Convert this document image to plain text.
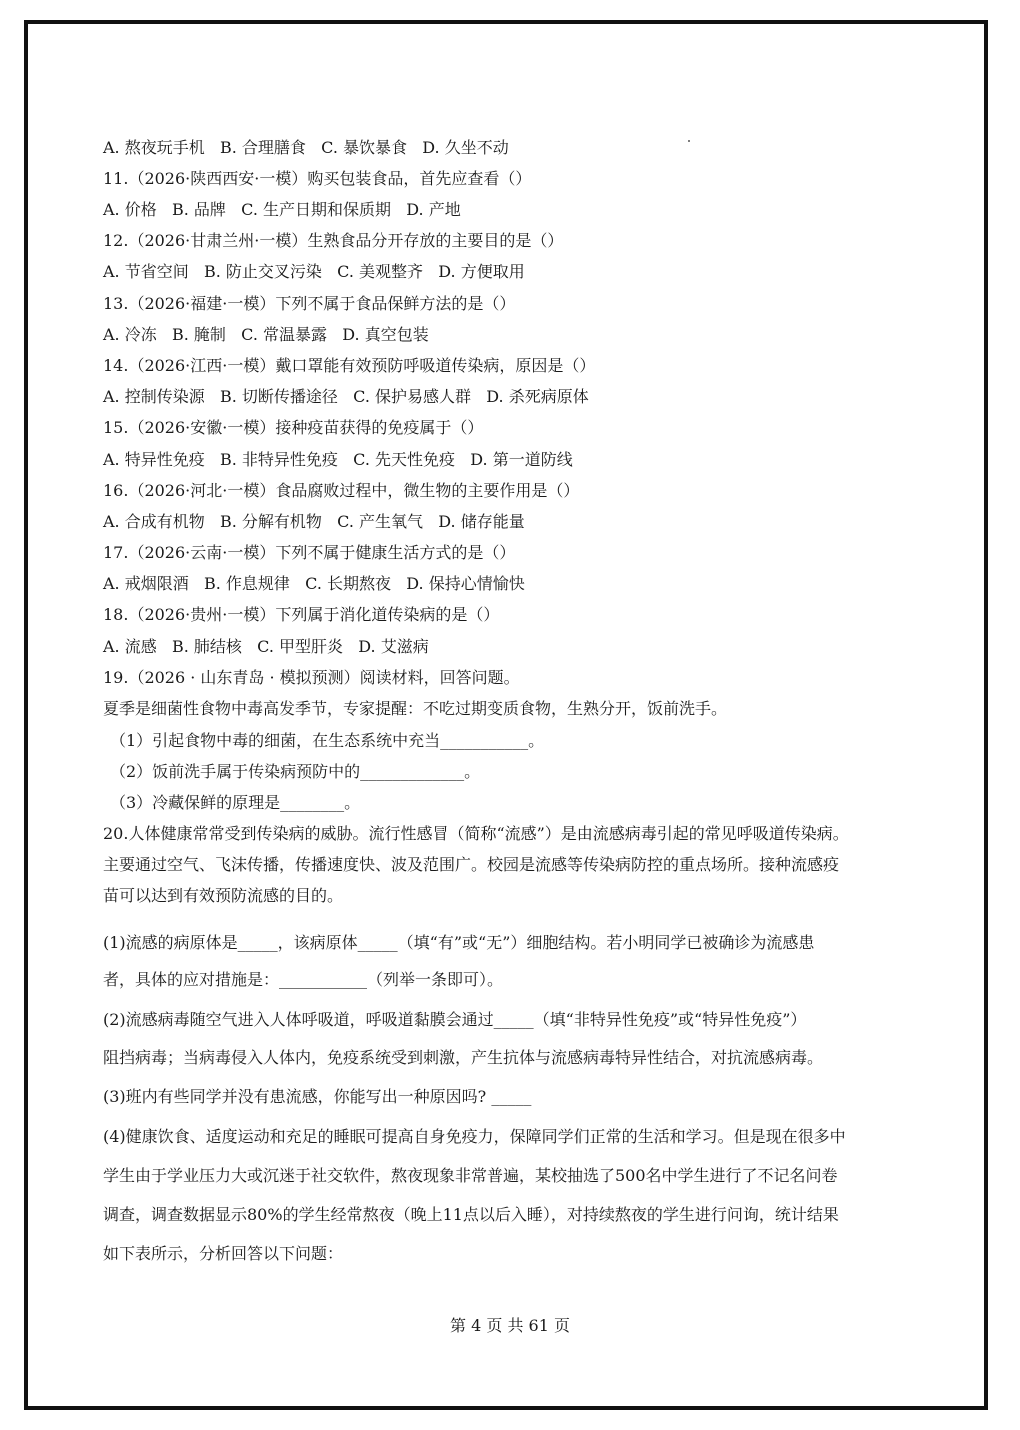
A. 熬夜玩手机   B. 合理膳食   C. 暴饮暴食   D. 久坐不动
11.（2026·陕西西安·一模）购买包装食品，首先应查看（）
A. 价格   B. 品牌   C. 生产日期和保质期   D. 产地
12.（2026·甘肃兰州·一模）生熟食品分开存放的主要目的是（）
A. 节省空间   B. 防止交叉污染   C. 美观整齐   D. 方便取用
13.（2026·福建·一模）下列不属于食品保鲜方法的是（）
A. 冷冻   B. 腌制   C. 常温暴露   D. 真空包装
14.（2026·江西·一模）戴口罩能有效预防呼吸道传染病，原因是（）
A. 控制传染源   B. 切断传播途径   C. 保护易感人群   D. 杀死病原体
15.（2026·安徽·一模）接种疫苗获得的免疫属于（）
A. 特异性免疫   B. 非特异性免疫   C. 先天性免疫   D. 第一道防线
16.（2026·河北·一模）食品腐败过程中，微生物的主要作用是（）
A. 合成有机物   B. 分解有机物   C. 产生氧气   D. 储存能量
17.（2026·云南·一模）下列不属于健康生活方式的是（）
A. 戒烟限酒   B. 作息规律   C. 长期熬夜   D. 保持心情愉快
18.（2026·贵州·一模）下列属于消化道传染病的是（）
A. 流感   B. 肺结核   C. 甲型肝炎   D. 艾滋病
19.（2026 · 山东青岛 · 模拟预测）阅读材料，回答问题。
夏季是细菌性食物中毒高发季节，专家提醒：不吃过期变质食物，生熟分开，饭前洗手。
（1）引起食物中毒的细菌，在生态系统中充当___________。
（2）饭前洗手属于传染病预防中的_____________。
（3）冷藏保鲜的原理是________。
20.人体健康常常受到传染病的威胁。流行性感冒（简称“流感”）是由流感病毒引起的常见呼吸道传染病。
主要通过空气、飞沫传播，传播速度快、波及范围广。校园是流感等传染病防控的重点场所。接种流感疫
苗可以达到有效预防流感的目的。
(1)流感的病原体是_____，该病原体_____（填“有”或“无”）细胞结构。若小明同学已被确诊为流感患
者，具体的应对措施是：___________（列举一条即可）。
(2)流感病毒随空气进入人体呼吸道，呼吸道黏膜会通过_____（填“非特异性免疫”或“特异性免疫”）
阻挡病毒；当病毒侵入人体内，免疫系统受到刺激，产生抗体与流感病毒特异性结合，对抗流感病毒。
(3)班内有些同学并没有患流感，你能写出一种原因吗? _____
(4)健康饮食、适度运动和充足的睡眠可提高自身免疫力，保障同学们正常的生活和学习。但是现在很多中
学生由于学业压力大或沉迷于社交软件，熬夜现象非常普遍，某校抽选了500名中学生进行了不记名问卷
调查，调查数据显示80%的学生经常熬夜（晚上11点以后入睡），对持续熬夜的学生进行问询，统计结果
如下表所示，分析回答以下问题：
第 4 页 共 61 页
